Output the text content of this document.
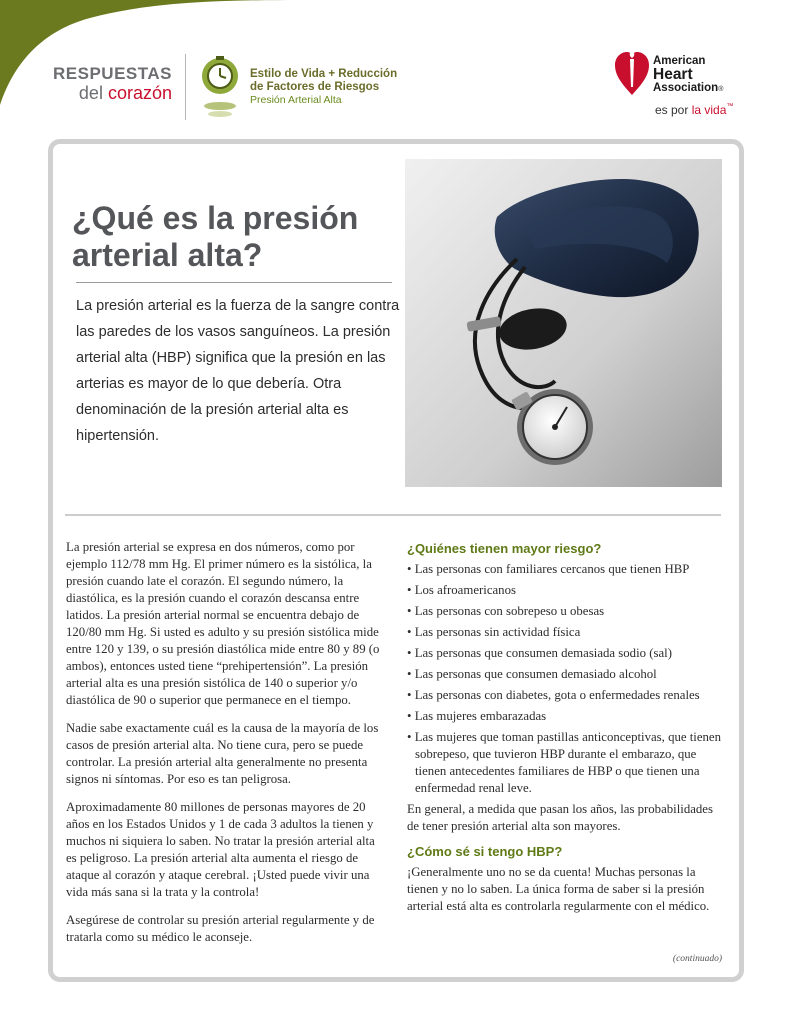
RESPUESTAS
del corazón
Estilo de Vida + Reducción
de Factores de Riesgos
Presión Arterial Alta
American
Heart
Association®
es por la vida™
¿Qué es la presión arterial alta?

La presión arterial es la fuerza de la sangre contra las paredes de los vasos sanguíneos. La presión arterial alta (HBP) significa que la presión en las arterias es mayor de lo que debería. Otra denominación de la presión arterial alta es hipertensión.

La presión arterial se expresa en dos números, como por ejemplo 112/78 mm Hg. El primer número es la sistólica, la presión cuando late el corazón. El segundo número, la diastólica, es la presión cuando el corazón descansa entre latidos. La presión arterial normal se encuentra debajo de 120/80 mm Hg. Si usted es adulto y su presión sistólica mide entre 120 y 139, o su presión diastólica mide entre 80 y 89 (o ambos), entonces usted tiene “prehipertensión”. La presión arterial alta es una presión sistólica de 140 o superior y/o diastólica de 90 o superior que permanece en el tiempo.

Nadie sabe exactamente cuál es la causa de la mayoría de los casos de presión arterial alta. No tiene cura, pero se puede controlar. La presión arterial alta generalmente no presenta signos ni síntomas. Por eso es tan peligrosa.

Aproximadamente 80 millones de personas mayores de 20 años en los Estados Unidos y 1 de cada 3 adultos la tienen y muchos ni siquiera lo saben. No tratar la presión arterial alta es peligroso. La presión arterial alta aumenta el riesgo de ataque al corazón y ataque cerebral. ¡Usted puede vivir una vida más sana si la trata y la controla!

Asegúrese de controlar su presión arterial regularmente y de tratarla como su médico le aconseje.

¿Quiénes tienen mayor riesgo?
• Las personas con familiares cercanos que tienen HBP
• Los afroamericanos
• Las personas con sobrepeso u obesas
• Las personas sin actividad física
• Las personas que consumen demasiada sodio (sal)
• Las personas que consumen demasiado alcohol
• Las personas con diabetes, gota o enfermedades renales
• Las mujeres embarazadas
• Las mujeres que toman pastillas anticonceptivas, que tienen sobrepeso, que tuvieron HBP durante el embarazo, que tienen antecedentes familiares de HBP o que tienen una enfermedad renal leve.

En general, a medida que pasan los años, las probabilidades de tener presión arterial alta son mayores.

¿Cómo sé si tengo HBP?

¡Generalmente uno no se da cuenta! Muchas personas la tienen y no lo saben. La única forma de saber si la presión arterial está alta es controlarla regularmente con el médico.

(continuado)
